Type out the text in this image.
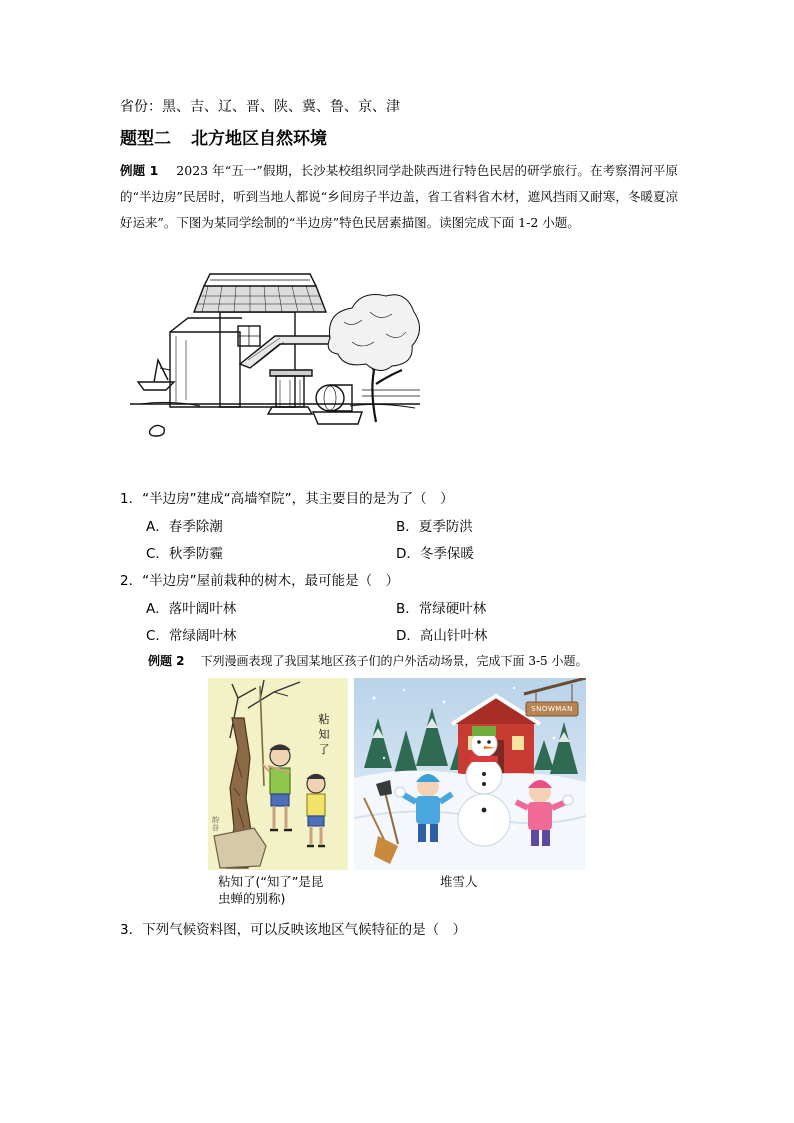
省份：黑、吉、辽、晋、陕、冀、鲁、京、津
题型二 北方地区自然环境
例题 1 2023 年“五一”假期，长沙某校组织同学赴陕西进行特色民居的研学旅行。在考察渭河平原的“半边房”民居时，听到当地人都说“乡间房子半边盖，省工省料省木材，遮风挡雨又耐寒，冬暖夏凉好运来”。下图为某同学绘制的“半边房”特色民居素描图。读图完成下面 1-2 小题。
1．“半边房”建成“高墙窄院”，其主要目的是为了（　）
A．春季除潮	B．夏季防洪
C．秋季防霾	D．冬季保暖
2．“半边房”屋前栽种的树木，最可能是（　）
A．落叶阔叶林	B．常绿硬叶林
C．常绿阔叶林	D．高山针叶林
例题 2 下列漫画表现了我国某地区孩子们的户外活动场景，完成下面 3-5 小题。
粘知了
韵谷
粘知了(“知了”是昆
虫蝉的别称)
SNOWMAN
堆雪人
3．下列气候资料图，可以反映该地区气候特征的是（　）
